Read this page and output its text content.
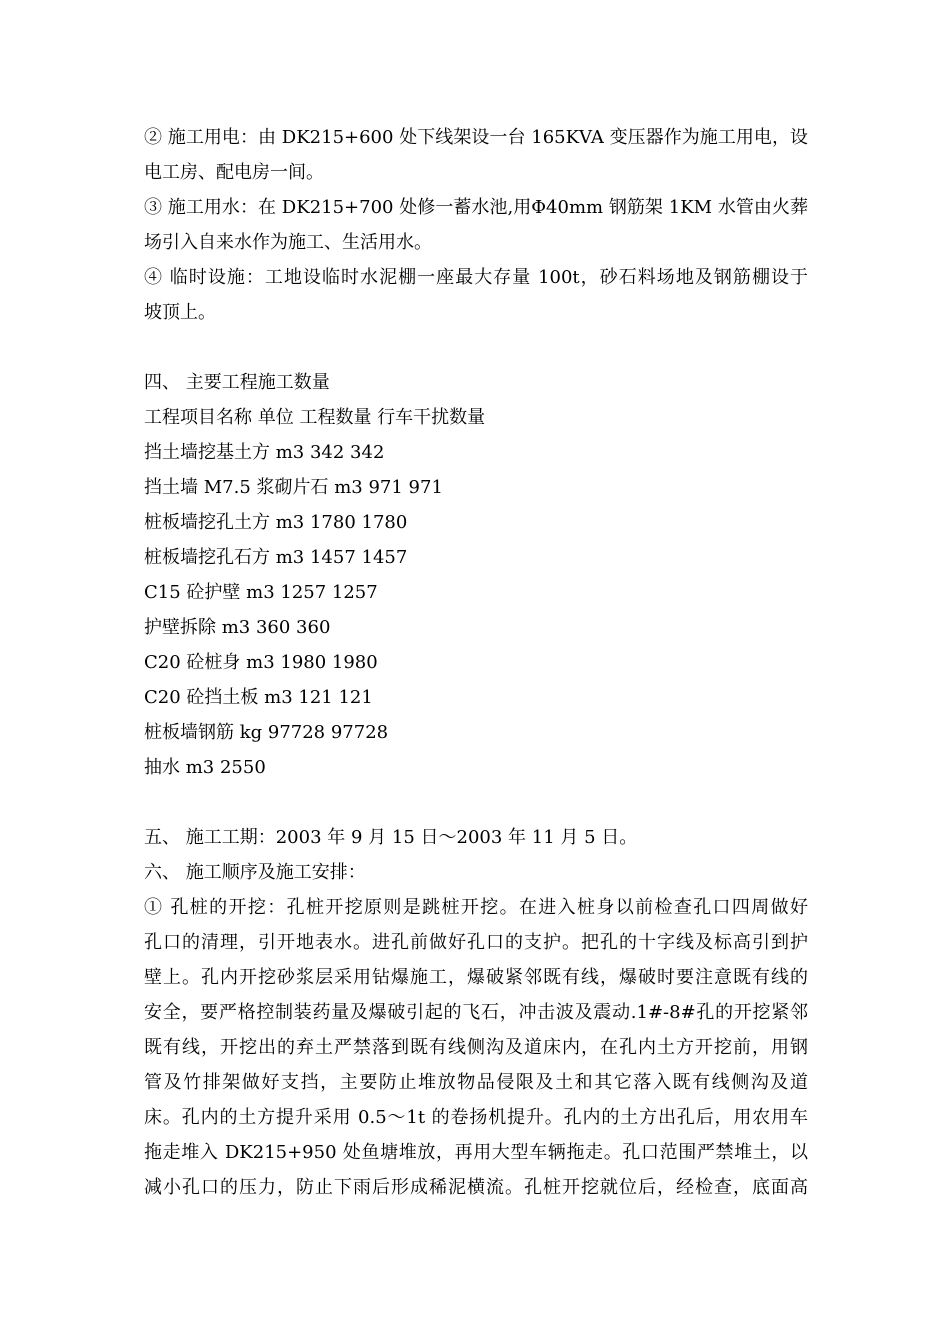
② 施工用电：由 DK215+600 处下线架设一台 165KVA 变压器作为施工用电，设
电工房、配电房一间。
③ 施工用水：在 DK215+700 处修一蓄水池,用Φ40mm 钢筋架 1KM 水管由火葬
场引入自来水作为施工、生活用水。
④ 临时设施：工地设临时水泥棚一座最大存量 100t，砂石料场地及钢筋棚设于
坡顶上。
四、 主要工程施工数量
工程项目名称 单位 工程数量 行车干扰数量
挡土墙挖基土方 m3 342 342
挡土墙 M7.5 浆砌片石 m3 971 971
桩板墙挖孔土方 m3 1780 1780
桩板墙挖孔石方 m3 1457 1457
C15 砼护壁 m3 1257 1257
护壁拆除 m3 360 360
C20 砼桩身 m3 1980 1980
C20 砼挡土板 m3 121 121
桩板墙钢筋 kg 97728 97728
抽水 m3 2550
五、 施工工期：2003 年 9 月 15 日～2003 年 11 月 5 日。
六、 施工顺序及施工安排：
① 孔桩的开挖：孔桩开挖原则是跳桩开挖。在进入桩身以前检查孔口四周做好
孔口的清理，引开地表水。进孔前做好孔口的支护。把孔的十字线及标高引到护
壁上。孔内开挖砂浆层采用钻爆施工，爆破紧邻既有线，爆破时要注意既有线的
安全，要严格控制装药量及爆破引起的飞石，冲击波及震动.1#-8#孔的开挖紧邻
既有线，开挖出的弃土严禁落到既有线侧沟及道床内，在孔内土方开挖前，用钢
管及竹排架做好支挡，主要防止堆放物品侵限及土和其它落入既有线侧沟及道
床。孔内的土方提升采用 0.5～1t 的卷扬机提升。孔内的土方出孔后，用农用车
拖走堆入 DK215+950 处鱼塘堆放，再用大型车辆拖走。孔口范围严禁堆土，以
减小孔口的压力，防止下雨后形成稀泥横流。孔桩开挖就位后，经检查，底面高
